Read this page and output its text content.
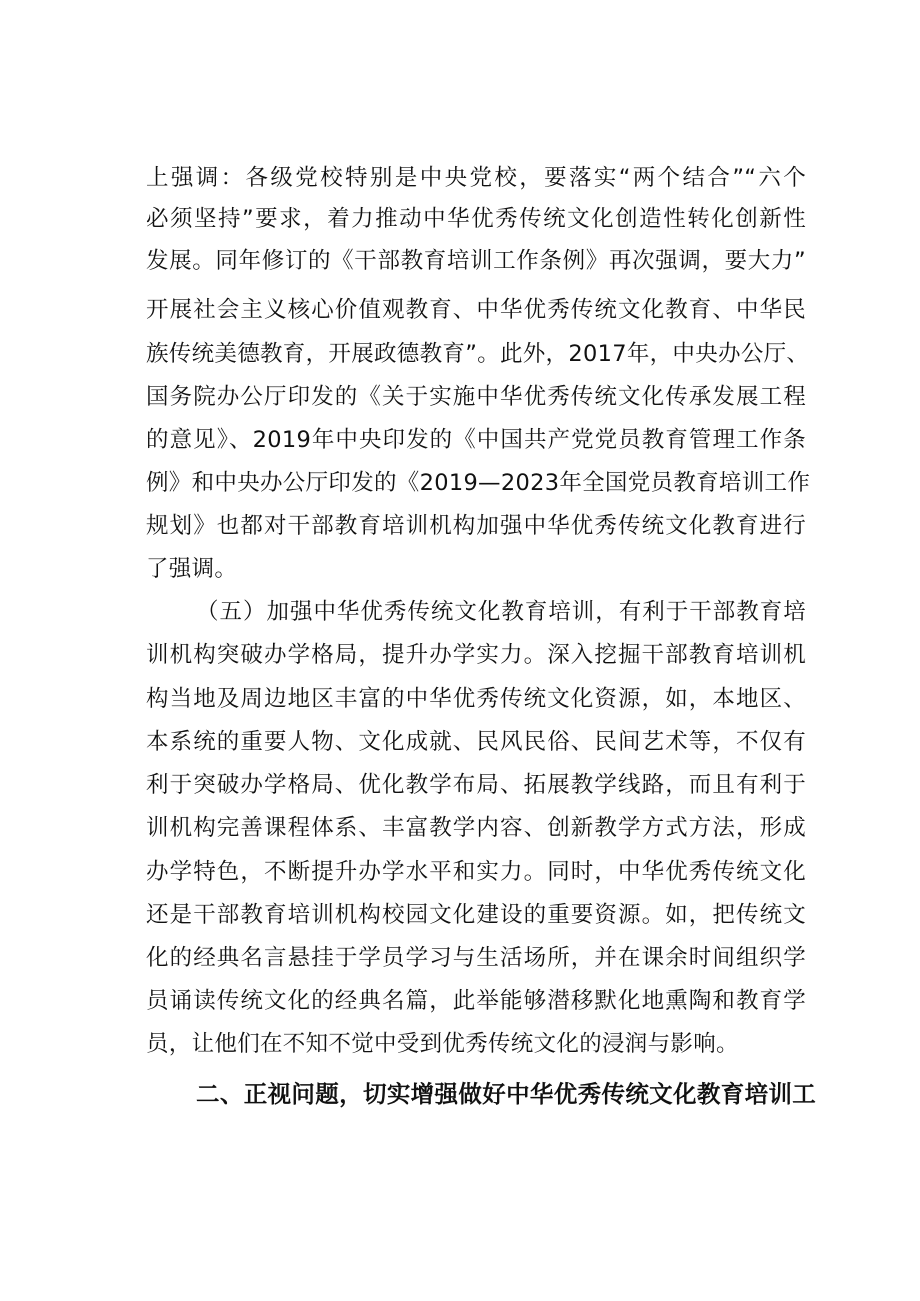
上强调：各级党校特别是中央党校，要落实“两个结合”“六个
必须坚持”要求，着力推动中华优秀传统文化创造性转化创新性
发展。同年修订的《干部教育培训工作条例》再次强调，要大力”
开展社会主义核心价值观教育、中华优秀传统文化教育、中华民
族传统美德教育，开展政德教育”。此外，2017年，中央办公厅、
国务院办公厅印发的《关于实施中华优秀传统文化传承发展工程
的意见》、2019年中央印发的《中国共产党党员教育管理工作条
例》和中央办公厅印发的《2019—2023年全国党员教育培训工作
规划》也都对干部教育培训机构加强中华优秀传统文化教育进行
了强调。
（五）加强中华优秀传统文化教育培训，有利于干部教育培
训机构突破办学格局，提升办学实力。深入挖掘干部教育培训机
构当地及周边地区丰富的中华优秀传统文化资源，如，本地区、
本系统的重要人物、文化成就、民风民俗、民间艺术等，不仅有
利于突破办学格局、优化教学布局、拓展教学线路，而且有利于
训机构完善课程体系、丰富教学内容、创新教学方式方法，形成
办学特色，不断提升办学水平和实力。同时，中华优秀传统文化
还是干部教育培训机构校园文化建设的重要资源。如，把传统文
化的经典名言悬挂于学员学习与生活场所，并在课余时间组织学
员诵读传统文化的经典名篇，此举能够潜移默化地熏陶和教育学
员，让他们在不知不觉中受到优秀传统文化的浸润与影响。
二、正视问题，切实增强做好中华优秀传统文化教育培训工
